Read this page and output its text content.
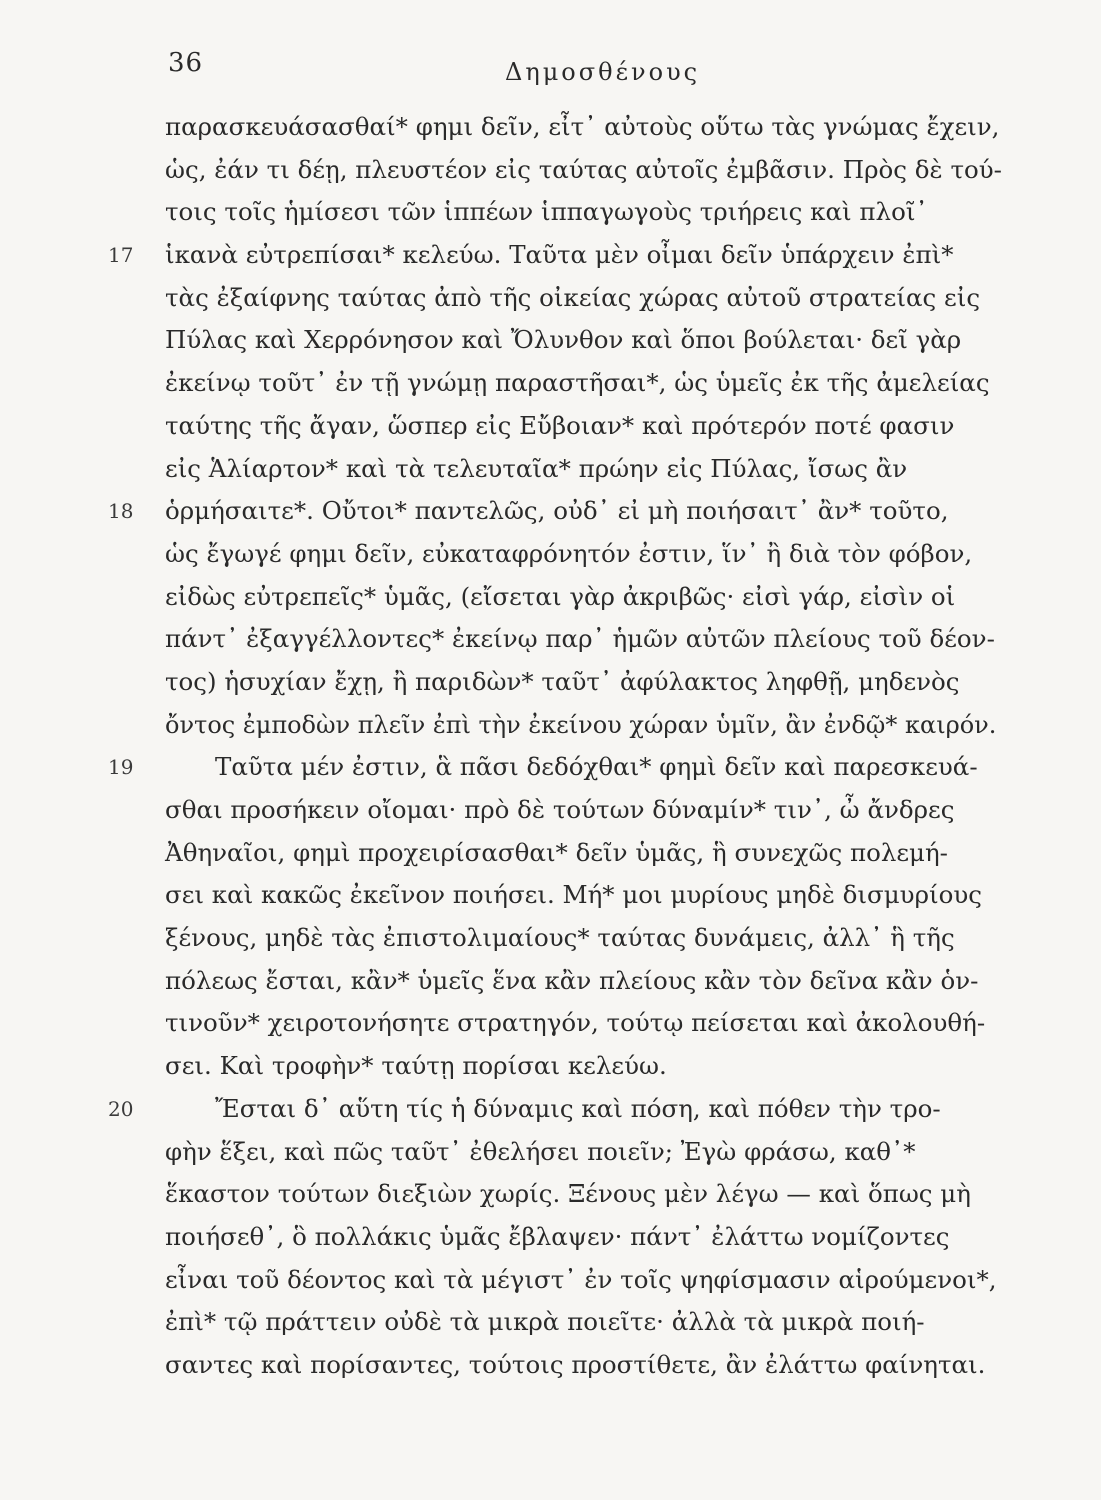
36	Δημοσθένους
παρασκευάσασθαί* φημι δεῖν, εἶτ᾽ αὐτοὺς οὕτω τὰς γνώμας ἔχειν,
ὡς, ἐάν τι δέῃ, πλευστέον εἰς ταύτας αὐτοῖς ἐμβᾶσιν. Πρὸς δὲ τού-
τοις τοῖς ἡμίσεσι τῶν ἱππέων ἱππαγωγοὺς τριήρεις καὶ πλοῖ᾽
17 ἱκανὰ εὐτρεπίσαι* κελεύω. Ταῦτα μὲν οἶμαι δεῖν ὑπάρχειν ἐπὶ*
τὰς ἐξαίφνης ταύτας ἀπὸ τῆς οἰκείας χώρας αὐτοῦ στρατείας εἰς
Πύλας καὶ Χερρόνησον καὶ Ὄλυνθον καὶ ὅποι βούλεται· δεῖ γὰρ
ἐκείνῳ τοῦτ᾽ ἐν τῇ γνώμῃ παραστῆσαι*, ὡς ὑμεῖς ἐκ τῆς ἀμελείας
ταύτης τῆς ἄγαν, ὥσπερ εἰς Εὔβοιαν* καὶ πρότερόν ποτέ φασιν
εἰς Ἁλίαρτον* καὶ τὰ τελευταῖα* πρώην εἰς Πύλας, ἴσως ἂν
18 ὁρμήσαιτε*. Οὔτοι* παντελῶς, οὐδ᾽ εἰ μὴ ποιήσαιτ᾽ ἂν* τοῦτο,
ὡς ἔγωγέ φημι δεῖν, εὐκαταφρόνητόν ἐστιν, ἵν᾽ ἢ διὰ τὸν φόβον,
εἰδὼς εὐτρεπεῖς* ὑμᾶς, (εἴσεται γὰρ ἀκριβῶς· εἰσὶ γάρ, εἰσὶν οἱ
πάντ᾽ ἐξαγγέλλοντες* ἐκείνῳ παρ᾽ ἡμῶν αὐτῶν πλείους τοῦ δέον-
τος) ἡσυχίαν ἔχῃ, ἢ παριδὼν* ταῦτ᾽ ἀφύλακτος ληφθῇ, μηδενὸς
ὄντος ἐμποδὼν πλεῖν ἐπὶ τὴν ἐκείνου χώραν ὑμῖν, ἂν ἐνδῷ* καιρόν.
19	Ταῦτα μέν ἐστιν, ἃ πᾶσι δεδόχθαι* φημὶ δεῖν καὶ παρεσκευά-
σθαι προσήκειν οἴομαι· πρὸ δὲ τούτων δύναμίν* τιν᾽, ὦ ἄνδρες
Ἀθηναῖοι, φημὶ προχειρίσασθαι* δεῖν ὑμᾶς, ἣ συνεχῶς πολεμή-
σει καὶ κακῶς ἐκεῖνον ποιήσει. Μή* μοι μυρίους μηδὲ δισμυρίους
ξένους, μηδὲ τὰς ἐπιστολιμαίους* ταύτας δυνάμεις, ἀλλ᾽ ἣ τῆς
πόλεως ἔσται, κἂν* ὑμεῖς ἕνα κἂν πλείους κἂν τὸν δεῖνα κἂν ὁν-
τινοῦν* χειροτονήσητε στρατηγόν, τούτῳ πείσεται καὶ ἀκολουθή-
σει. Καὶ τροφὴν* ταύτῃ πορίσαι κελεύω.
20	Ἔσται δ᾽ αὕτη τίς ἡ δύναμις καὶ πόση, καὶ πόθεν τὴν τρο-
φὴν ἕξει, καὶ πῶς ταῦτ᾽ ἐθελήσει ποιεῖν; Ἐγὼ φράσω, καθ᾽*
ἕκαστον τούτων διεξιὼν χωρίς. Ξένους μὲν λέγω — καὶ ὅπως μὴ
ποιήσεθ᾽, ὃ πολλάκις ὑμᾶς ἔβλαψεν· πάντ᾽ ἐλάττω νομίζοντες
εἶναι τοῦ δέοντος καὶ τὰ μέγιστ᾽ ἐν τοῖς ψηφίσμασιν αἱρούμενοι*,
ἐπὶ* τῷ πράττειν οὐδὲ τὰ μικρὰ ποιεῖτε· ἀλλὰ τὰ μικρὰ ποιή-
σαντες καὶ πορίσαντες, τούτοις προστίθετε, ἂν ἐλάττω φαίνηται.
